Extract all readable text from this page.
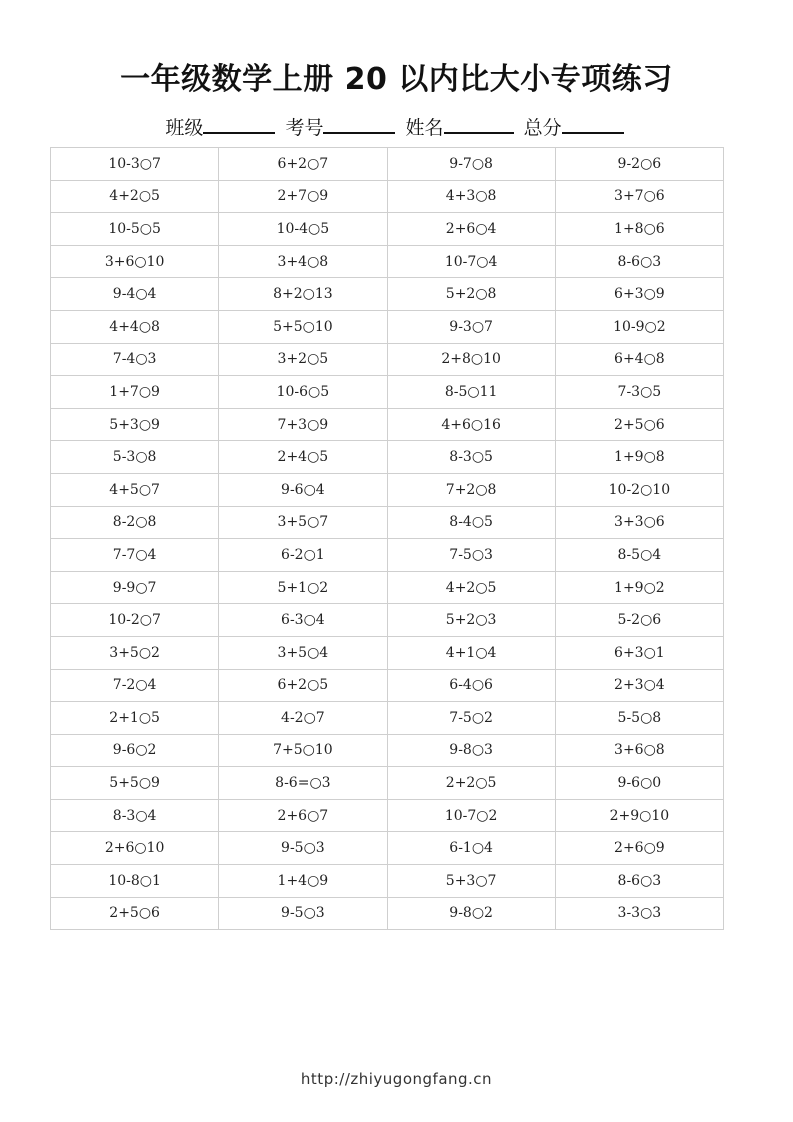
一年级数学上册 20 以内比大小专项练习
班级	考号	姓名	总分
10-3○7	6+2○7	9-7○8	9-2○6
4+2○5	2+7○9	4+3○8	3+7○6
10-5○5	10-4○5	2+6○4	1+8○6
3+6○10	3+4○8	10-7○4	8-6○3
9-4○4	8+2○13	5+2○8	6+3○9
4+4○8	5+5○10	9-3○7	10-9○2
7-4○3	3+2○5	2+8○10	6+4○8
1+7○9	10-6○5	8-5○11	7-3○5
5+3○9	7+3○9	4+6○16	2+5○6
5-3○8	2+4○5	8-3○5	1+9○8
4+5○7	9-6○4	7+2○8	10-2○10
8-2○8	3+5○7	8-4○5	3+3○6
7-7○4	6-2○1	7-5○3	8-5○4
9-9○7	5+1○2	4+2○5	1+9○2
10-2○7	6-3○4	5+2○3	5-2○6
3+5○2	3+5○4	4+1○4	6+3○1
7-2○4	6+2○5	6-4○6	2+3○4
2+1○5	4-2○7	7-5○2	5-5○8
9-6○2	7+5○10	9-8○3	3+6○8
5+5○9	8-6=○3	2+2○5	9-6○0
8-3○4	2+6○7	10-7○2	2+9○10
2+6○10	9-5○3	6-1○4	2+6○9
10-8○1	1+4○9	5+3○7	8-6○3
2+5○6	9-5○3	9-8○2	3-3○3
http://zhiyugongfang.cn
